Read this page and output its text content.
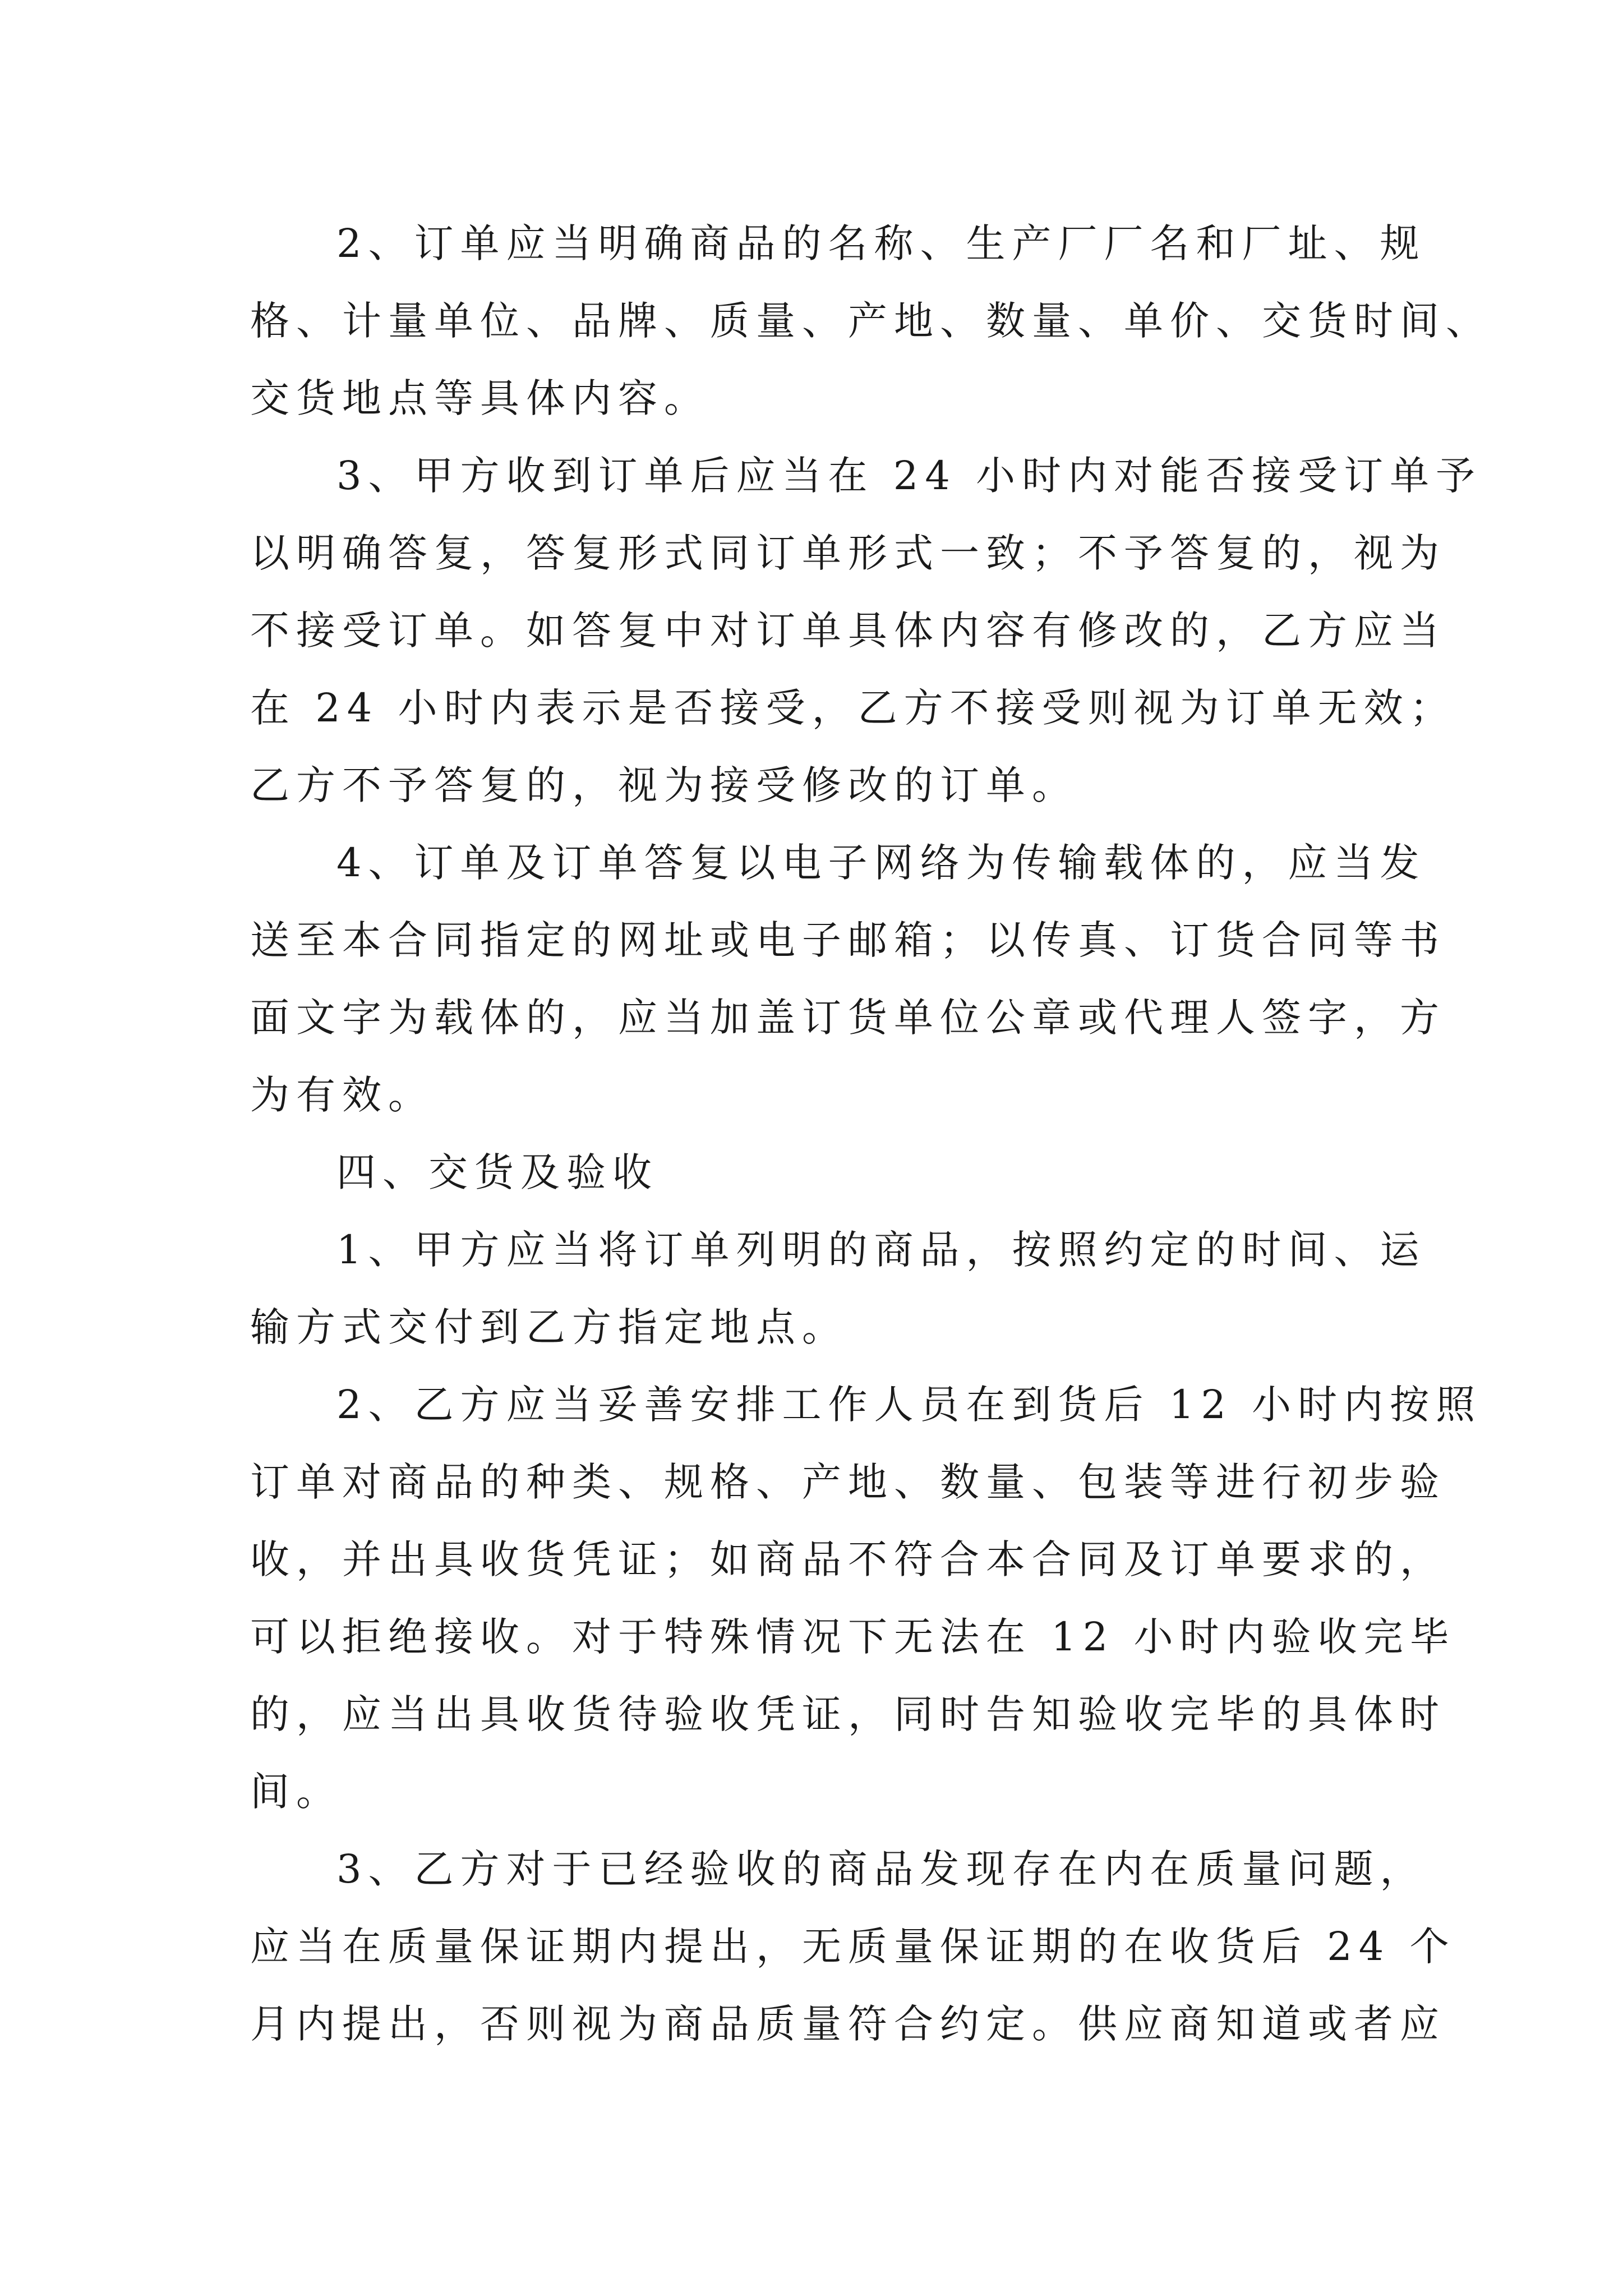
2、订单应当明确商品的名称、生产厂厂名和厂址、规
格、计量单位、品牌、质量、产地、数量、单价、交货时间、
交货地点等具体内容。
3、甲方收到订单后应当在 24 小时内对能否接受订单予
以明确答复，答复形式同订单形式一致；不予答复的，视为
不接受订单。如答复中对订单具体内容有修改的，乙方应当
在 24 小时内表示是否接受，乙方不接受则视为订单无效；
乙方不予答复的，视为接受修改的订单。
4、订单及订单答复以电子网络为传输载体的，应当发
送至本合同指定的网址或电子邮箱；以传真、订货合同等书
面文字为载体的，应当加盖订货单位公章或代理人签字，方
为有效。
四、交货及验收
1、甲方应当将订单列明的商品，按照约定的时间、运
输方式交付到乙方指定地点。
2、乙方应当妥善安排工作人员在到货后 12 小时内按照
订单对商品的种类、规格、产地、数量、包装等进行初步验
收，并出具收货凭证；如商品不符合本合同及订单要求的，
可以拒绝接收。对于特殊情况下无法在 12 小时内验收完毕
的，应当出具收货待验收凭证，同时告知验收完毕的具体时
间。
3、乙方对于已经验收的商品发现存在内在质量问题，
应当在质量保证期内提出，无质量保证期的在收货后 24 个
月内提出，否则视为商品质量符合约定。供应商知道或者应
